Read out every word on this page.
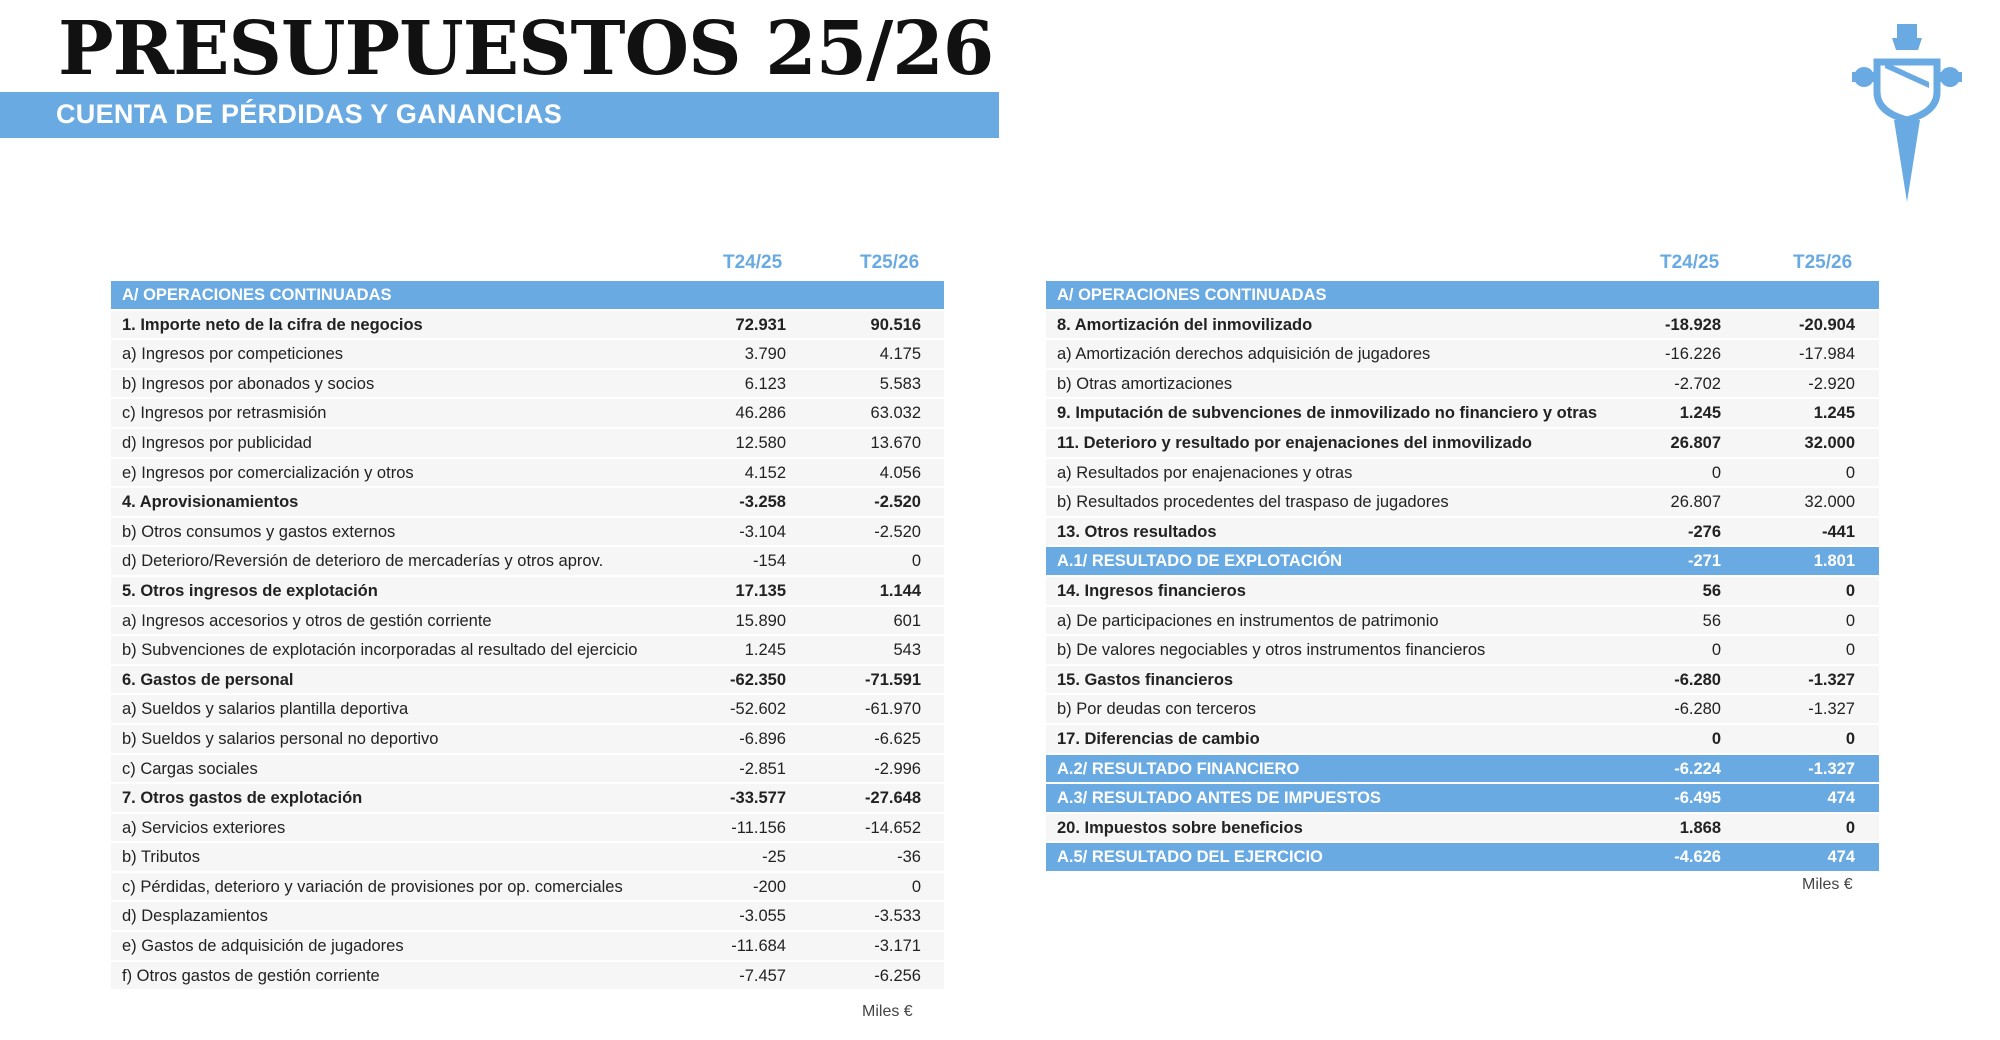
PRESUPUESTOS 25/26
CUENTA DE PÉRDIDAS Y GANANCIAS
T24/25	T25/26
A/ OPERACIONES CONTINUADAS
1. Importe neto de la cifra de negocios	72.931	90.516
a) Ingresos por competiciones	3.790	4.175
b) Ingresos por abonados y socios	6.123	5.583
c) Ingresos por retrasmisión	46.286	63.032
d) Ingresos por publicidad	12.580	13.670
e) Ingresos por comercialización y otros	4.152	4.056
4. Aprovisionamientos	-3.258	-2.520
b) Otros consumos y gastos externos	-3.104	-2.520
d) Deterioro/Reversión de deterioro de mercaderías y otros aprov.	-154	0
5. Otros ingresos de explotación	17.135	1.144
a) Ingresos accesorios y otros de gestión corriente	15.890	601
b) Subvenciones de explotación incorporadas al resultado del ejercicio	1.245	543
6. Gastos de personal	-62.350	-71.591
a) Sueldos y salarios plantilla deportiva	-52.602	-61.970
b) Sueldos y salarios personal no deportivo	-6.896	-6.625
c) Cargas sociales	-2.851	-2.996
7. Otros gastos de explotación	-33.577	-27.648
a) Servicios exteriores	-11.156	-14.652
b) Tributos	-25	-36
c) Pérdidas, deterioro y variación de provisiones por op. comerciales	-200	0
d) Desplazamientos	-3.055	-3.533
e) Gastos de adquisición de jugadores	-11.684	-3.171
f) Otros gastos de gestión corriente	-7.457	-6.256
Miles €
T24/25	T25/26
A/ OPERACIONES CONTINUADAS
8. Amortización del inmovilizado	-18.928	-20.904
a) Amortización derechos adquisición de jugadores	-16.226	-17.984
b) Otras amortizaciones	-2.702	-2.920
9. Imputación de subvenciones de inmovilizado no financiero y otras	1.245	1.245
11. Deterioro y resultado por enajenaciones del inmovilizado	26.807	32.000
a) Resultados por enajenaciones y otras	0	0
b) Resultados procedentes del traspaso de jugadores	26.807	32.000
13. Otros resultados	-276	-441
A.1/ RESULTADO DE EXPLOTACIÓN	-271	1.801
14. Ingresos financieros	56	0
a) De participaciones en instrumentos de patrimonio	56	0
b) De valores negociables y otros instrumentos financieros	0	0
15. Gastos financieros	-6.280	-1.327
b) Por deudas con terceros	-6.280	-1.327
17. Diferencias de cambio	0	0
A.2/ RESULTADO FINANCIERO	-6.224	-1.327
A.3/ RESULTADO ANTES DE IMPUESTOS	-6.495	474
20. Impuestos sobre beneficios	1.868	0
A.5/ RESULTADO DEL EJERCICIO	-4.626	474
Miles €
